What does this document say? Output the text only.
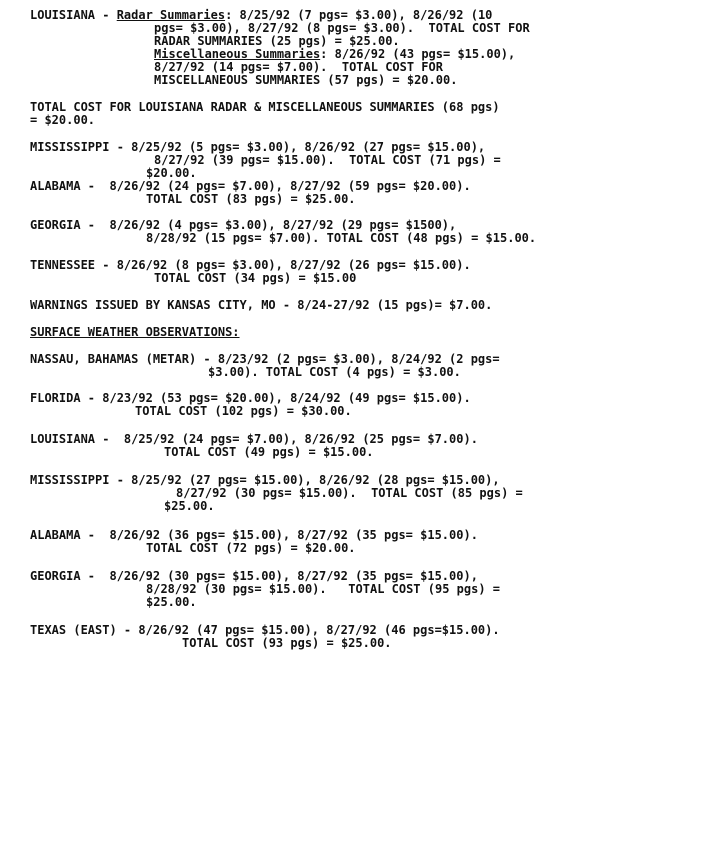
LOUISIANA - Radar Summaries: 8/25/92 (7 pgs= $3.00), 8/26/92 (10
pgs= $3.00), 8/27/92 (8 pgs= $3.00).  TOTAL COST FOR
RADAR SUMMARIES (25 pgs) = $25.00.
Miscellaneous Summaries: 8/26/92 (43 pgs= $15.00),
8/27/92 (14 pgs= $7.00).  TOTAL COST FOR
MISCELLANEOUS SUMMARIES (57 pgs) = $20.00.
TOTAL COST FOR LOUISIANA RADAR & MISCELLANEOUS SUMMARIES (68 pgs)
= $20.00.
MISSISSIPPI - 8/25/92 (5 pgs= $3.00), 8/26/92 (27 pgs= $15.00),
8/27/92 (39 pgs= $15.00).  TOTAL COST (71 pgs) =
$20.00.
ALABAMA -  8/26/92 (24 pgs= $7.00), 8/27/92 (59 pgs= $20.00).
TOTAL COST (83 pgs) = $25.00.
GEORGIA -  8/26/92 (4 pgs= $3.00), 8/27/92 (29 pgs= $1500),
8/28/92 (15 pgs= $7.00). TOTAL COST (48 pgs) = $15.00.
TENNESSEE - 8/26/92 (8 pgs= $3.00), 8/27/92 (26 pgs= $15.00).
TOTAL COST (34 pgs) = $15.00
WARNINGS ISSUED BY KANSAS CITY, MO - 8/24-27/92 (15 pgs)= $7.00.
SURFACE WEATHER OBSERVATIONS:
NASSAU, BAHAMAS (METAR) - 8/23/92 (2 pgs= $3.00), 8/24/92 (2 pgs=
$3.00). TOTAL COST (4 pgs) = $3.00.
FLORIDA - 8/23/92 (53 pgs= $20.00), 8/24/92 (49 pgs= $15.00).
TOTAL COST (102 pgs) = $30.00.
LOUISIANA -  8/25/92 (24 pgs= $7.00), 8/26/92 (25 pgs= $7.00).
TOTAL COST (49 pgs) = $15.00.
MISSISSIPPI - 8/25/92 (27 pgs= $15.00), 8/26/92 (28 pgs= $15.00),
8/27/92 (30 pgs= $15.00).  TOTAL COST (85 pgs) =
$25.00.
ALABAMA -  8/26/92 (36 pgs= $15.00), 8/27/92 (35 pgs= $15.00).
TOTAL COST (72 pgs) = $20.00.
GEORGIA -  8/26/92 (30 pgs= $15.00), 8/27/92 (35 pgs= $15.00),
8/28/92 (30 pgs= $15.00).   TOTAL COST (95 pgs) =
$25.00.
TEXAS (EAST) - 8/26/92 (47 pgs= $15.00), 8/27/92 (46 pgs=$15.00).
TOTAL COST (93 pgs) = $25.00.
